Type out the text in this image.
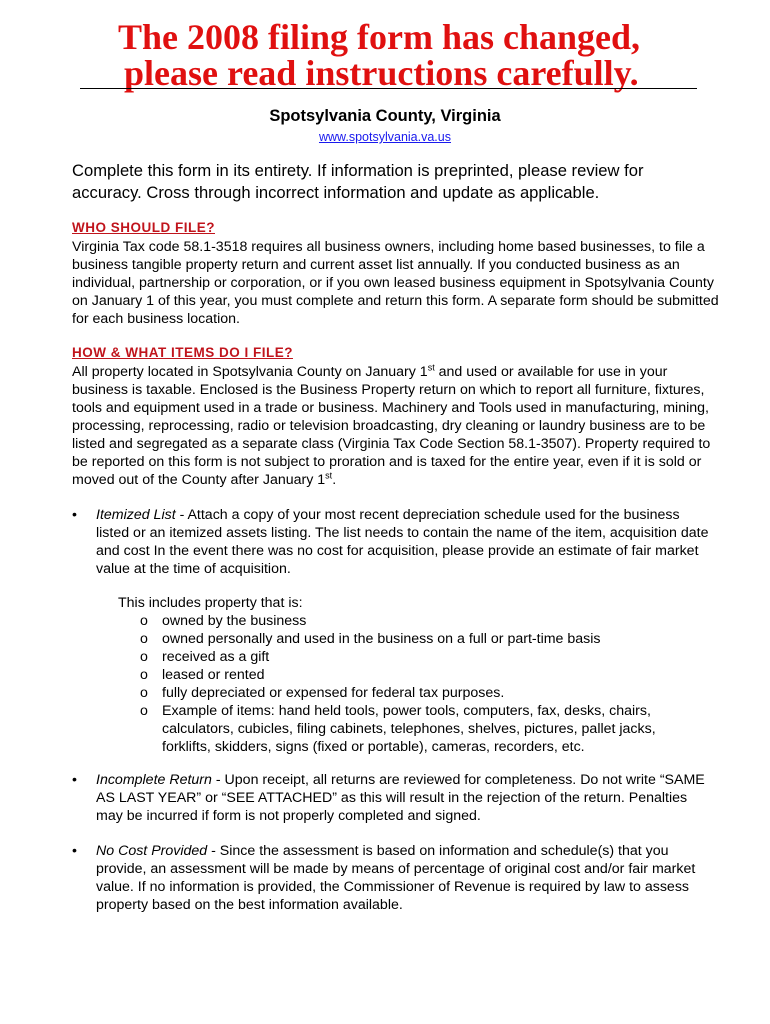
The 2008 filing form has changed,
please read instructions carefully.
Spotsylvania County, Virginia
www.spotsylvania.va.us
Complete this form in its entirety. If information is preprinted, please review for accuracy. Cross through incorrect information and update as applicable.
WHO SHOULD FILE?
Virginia Tax code 58.1-3518 requires all business owners, including home based businesses, to file a business tangible property return and current asset list annually. If you conducted business as an individual, partnership or corporation, or if you own leased business equipment in Spotsylvania County on January 1 of this year, you must complete and return this form. A separate form should be submitted for each business location.
HOW & WHAT ITEMS DO I FILE?
All property located in Spotsylvania County on January 1st and used or available for use in your business is taxable. Enclosed is the Business Property return on which to report all furniture, fixtures, tools and equipment used in a trade or business. Machinery and Tools used in manufacturing, mining, processing, reprocessing, radio or television broadcasting, dry cleaning or laundry business are to be listed and segregated as a separate class (Virginia Tax Code Section 58.1-3507). Property required to be reported on this form is not subject to proration and is taxed for the entire year, even if it is sold or moved out of the County after January 1st.
• Itemized List - Attach a copy of your most recent depreciation schedule used for the business listed or an itemized assets listing. The list needs to contain the name of the item, acquisition date and cost In the event there was no cost for acquisition, please provide an estimate of fair market value at the time of acquisition.
This includes property that is:
o owned by the business
o owned personally and used in the business on a full or part-time basis
o received as a gift
o leased or rented
o fully depreciated or expensed for federal tax purposes.
o Example of items: hand held tools, power tools, computers, fax, desks, chairs, calculators, cubicles, filing cabinets, telephones, shelves, pictures, pallet jacks, forklifts, skidders, signs (fixed or portable), cameras, recorders, etc.
• Incomplete Return - Upon receipt, all returns are reviewed for completeness. Do not write “SAME AS LAST YEAR” or “SEE ATTACHED” as this will result in the rejection of the return. Penalties may be incurred if form is not properly completed and signed.
• No Cost Provided - Since the assessment is based on information and schedule(s) that you provide, an assessment will be made by means of percentage of original cost and/or fair market value. If no information is provided, the Commissioner of Revenue is required by law to assess property based on the best information available.
